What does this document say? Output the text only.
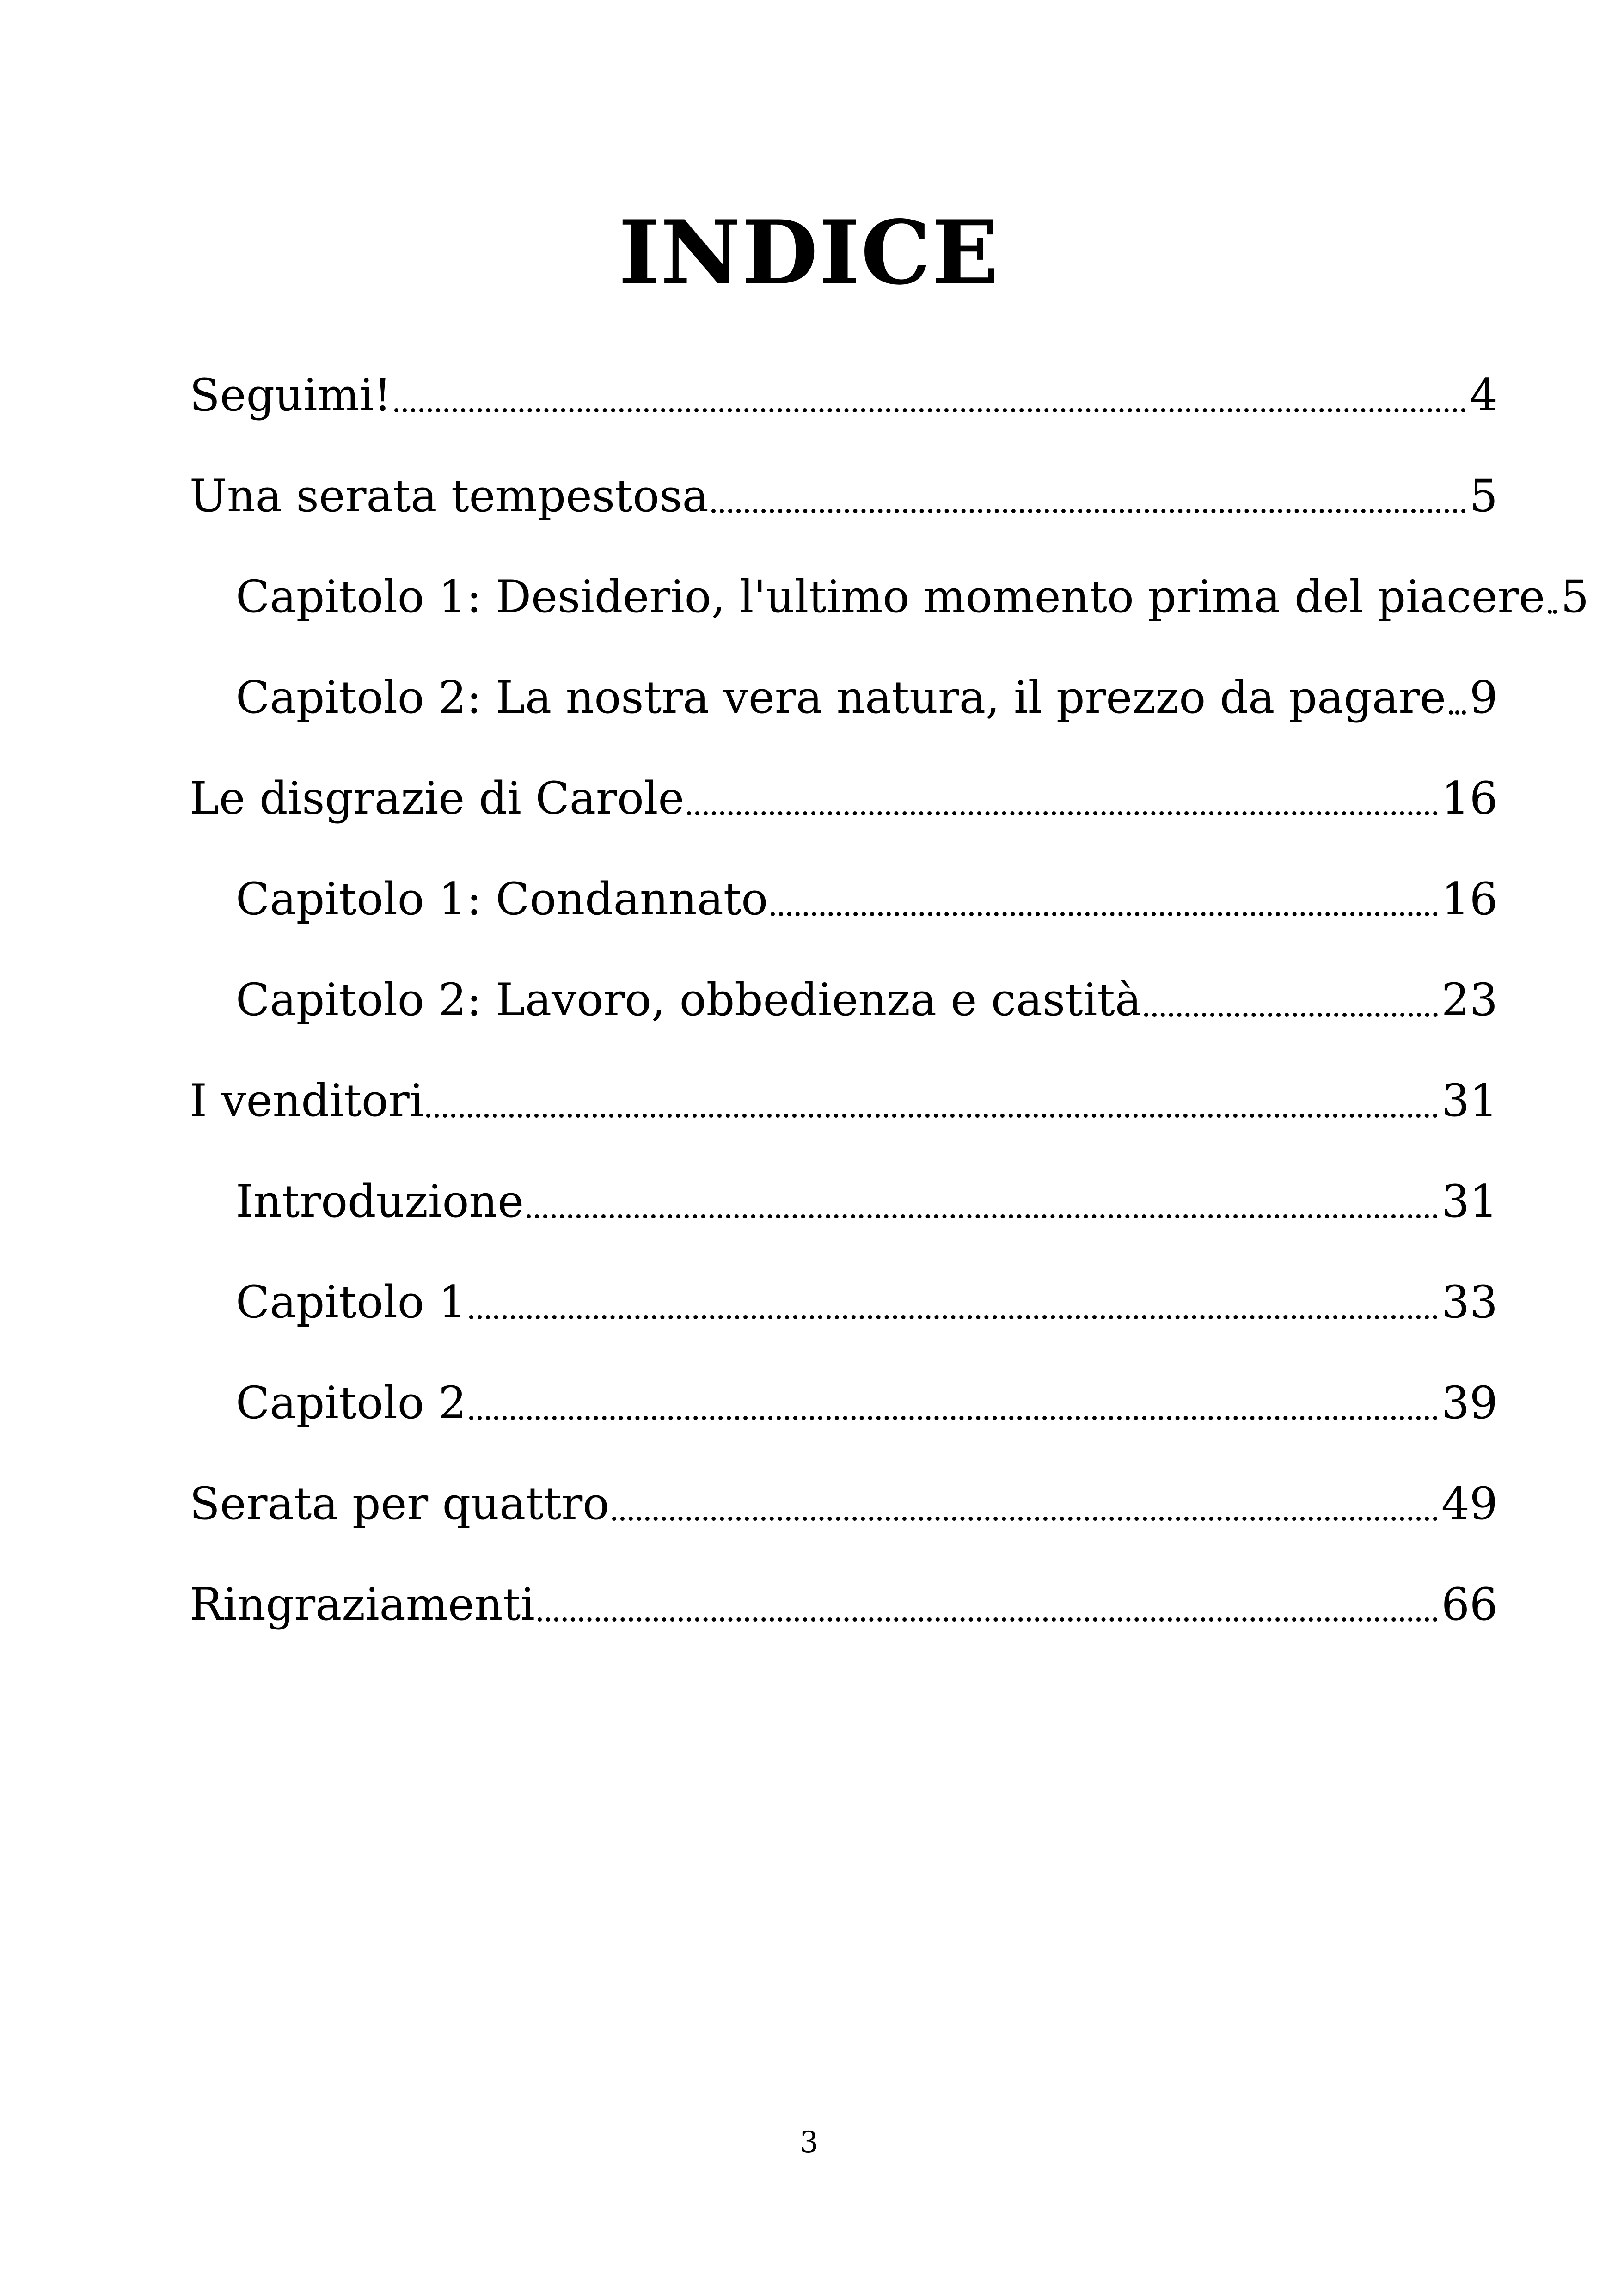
INDICE
Seguimi!	4
Una serata tempestosa	5
Capitolo 1: Desiderio, l'ultimo momento prima del piacere 5
Capitolo 2: La nostra vera natura, il prezzo da pagare 9
Le disgrazie di Carole	16
Capitolo 1: Condannato	16
Capitolo 2: Lavoro, obbedienza e castità	23
I venditori	31
Introduzione	31
Capitolo 1	33
Capitolo 2	39
Serata per quattro	49
Ringraziamenti	66
3
